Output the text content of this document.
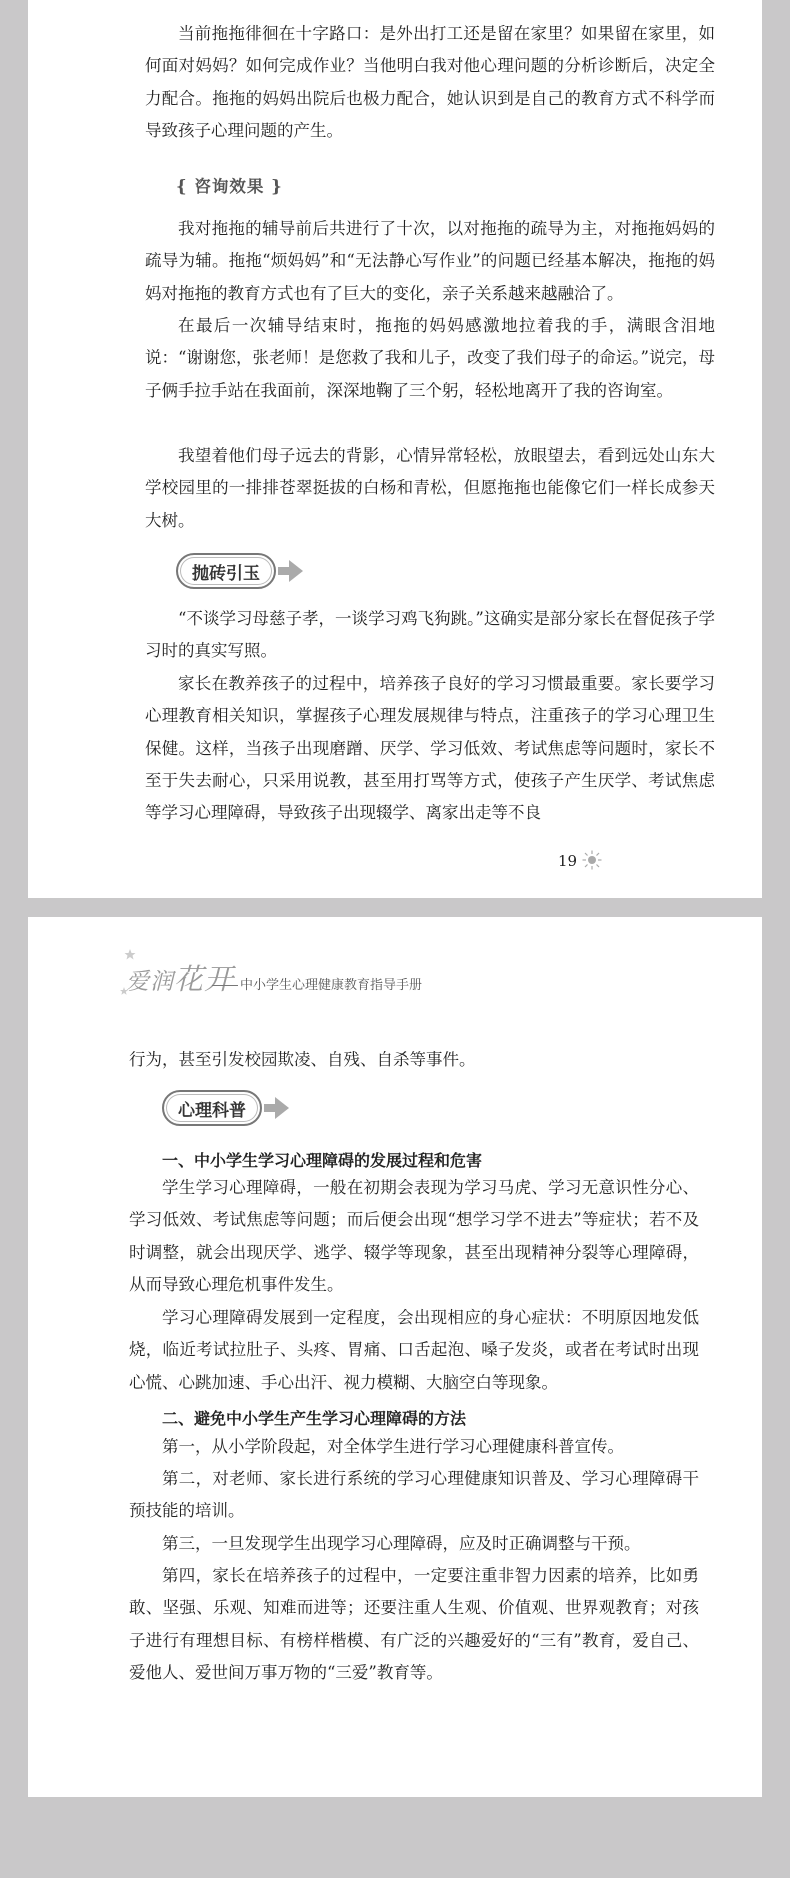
当前拖拖徘徊在十字路口：是外出打工还是留在家里？如果留在家里，如何面对妈妈？如何完成作业？当他明白我对他心理问题的分析诊断后，决定全力配合。拖拖的妈妈出院后也极力配合，她认识到是自己的教育方式不科学而导致孩子心理问题的产生。

{ 咨询效果 }

我对拖拖的辅导前后共进行了十次，以对拖拖的疏导为主，对拖拖妈妈的疏导为辅。拖拖“烦妈妈”和“无法静心写作业”的问题已经基本解决，拖拖的妈妈对拖拖的教育方式也有了巨大的变化，亲子关系越来越融洽了。

在最后一次辅导结束时，拖拖的妈妈感激地拉着我的手，满眼含泪地说：“谢谢您，张老师！是您救了我和儿子，改变了我们母子的命运。”说完，母子俩手拉手站在我面前，深深地鞠了三个躬，轻松地离开了我的咨询室。

我望着他们母子远去的背影，心情异常轻松，放眼望去，看到远处山东大学校园里的一排排苍翠挺拔的白杨和青松，但愿拖拖也能像它们一样长成参天大树。

抛砖引玉

“不谈学习母慈子孝，一谈学习鸡飞狗跳。”这确实是部分家长在督促孩子学习时的真实写照。

家长在教养孩子的过程中，培养孩子良好的学习习惯最重要。家长要学习心理教育相关知识，掌握孩子心理发展规律与特点，注重孩子的学习心理卫生保健。这样，当孩子出现磨蹭、厌学、学习低效、考试焦虑等问题时，家长不至于失去耐心，只采用说教，甚至用打骂等方式，使孩子产生厌学、考试焦虑等学习心理障碍，导致孩子出现辍学、离家出走等不良

19
爱润花开 中小学生心理健康教育指导手册

行为，甚至引发校园欺凌、自残、自杀等事件。

心理科普
一、中小学生学习心理障碍的发展过程和危害

学生学习心理障碍，一般在初期会表现为学习马虎、学习无意识性分心、学习低效、考试焦虑等问题；而后便会出现“想学习学不进去”等症状；若不及时调整，就会出现厌学、逃学、辍学等现象，甚至出现精神分裂等心理障碍，从而导致心理危机事件发生。

学习心理障碍发展到一定程度，会出现相应的身心症状：不明原因地发低烧，临近考试拉肚子、头疼、胃痛、口舌起泡、嗓子发炎，或者在考试时出现心慌、心跳加速、手心出汗、视力模糊、大脑空白等现象。

二、避免中小学生产生学习心理障碍的方法

第一，从小学阶段起，对全体学生进行学习心理健康科普宣传。

第二，对老师、家长进行系统的学习心理健康知识普及、学习心理障碍干预技能的培训。

第三，一旦发现学生出现学习心理障碍，应及时正确调整与干预。

第四，家长在培养孩子的过程中，一定要注重非智力因素的培养，比如勇敢、坚强、乐观、知难而进等；还要注重人生观、价值观、世界观教育；对孩子进行有理想目标、有榜样楷模、有广泛的兴趣爱好的“三有”教育，爱自己、爱他人、爱世间万事万物的“三爱”教育等。
